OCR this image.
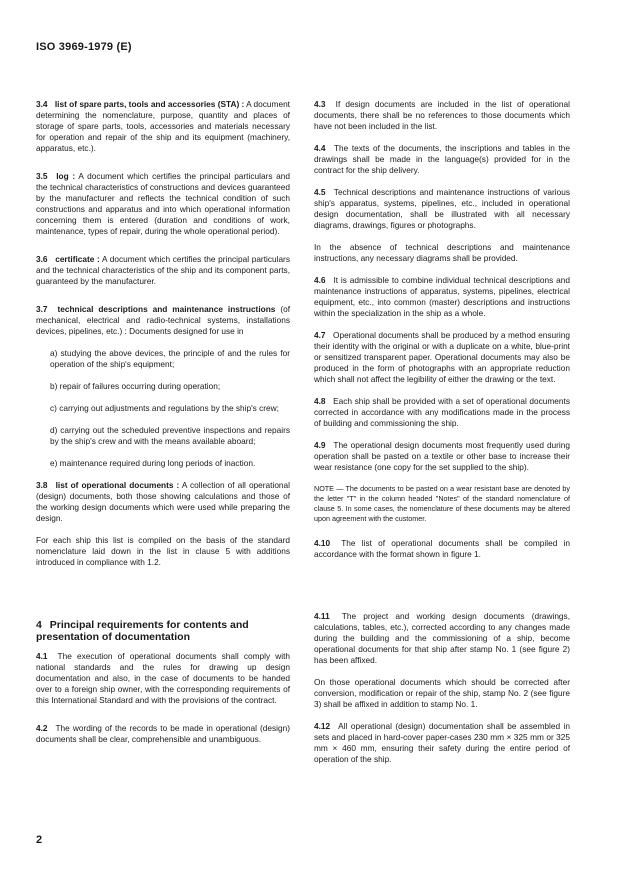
ISO 3969-1979 (E)

3.4 list of spare parts, tools and accessories (STA) : A document determining the nomenclature, purpose, quantity and places of storage of spare parts, tools, accessories and materials necessary for operation and repair of the ship and its equipment (machinery, apparatus, etc.).

3.5 log : A document which certifies the principal particulars and the technical characteristics of constructions and devices guaranteed by the manufacturer and reflects the technical condition of such constructions and apparatus and into which operational information concerning them is entered (duration and conditions of work, maintenance, types of repair, during the whole operational period).

3.6 certificate : A document which certifies the principal particulars and the technical characteristics of the ship and its component parts, guaranteed by the manufacturer.

3.7 technical descriptions and maintenance instructions (of mechanical, electrical and radio-technical systems, installations devices, pipelines, etc.) : Documents designed for use in

a) studying the above devices, the principle of and the rules for operation of the ship's equipment;
b) repair of failures occurring during operation;
c) carrying out adjustments and regulations by the ship's crew;
d) carrying out the scheduled preventive inspections and repairs by the ship's crew and with the means available aboard;
e) maintenance required during long periods of inaction.

3.8 list of operational documents : A collection of all operational (design) documents, both those showing calculations and those of the working design documents which were used while preparing the design.

For each ship this list is compiled on the basis of the standard nomenclature laid down in the list in clause 5 with additions introduced in compliance with 1.2.

4 Principal requirements for contents and presentation of documentation

4.1 The execution of operational documents shall comply with national standards and the rules for drawing up design documentation and also, in the case of documents to be handed over to a foreign ship owner, with the corresponding requirements of this International Standard and with the provisions of the contract.

4.2 The wording of the records to be made in operational (design) documents shall be clear, comprehensible and unambiguous.

4.3 If design documents are included in the list of operational documents, there shall be no references to those documents which have not been included in the list.

4.4 The texts of the documents, the inscriptions and tables in the drawings shall be made in the language(s) provided for in the contract for the ship delivery.

4.5 Technical descriptions and maintenance instructions of various ship's apparatus, systems, pipelines, etc., included in operational design documentation, shall be illustrated with all necessary diagrams, drawings, figures or photographs.

In the absence of technical descriptions and maintenance instructions, any necessary diagrams shall be provided.

4.6 It is admissible to combine individual technical descriptions and maintenance instructions of apparatus, systems, pipelines, electrical equipment, etc., into common (master) descriptions and instructions within the specialization in the ship as a whole.

4.7 Operational documents shall be produced by a method ensuring their identity with the original or with a duplicate on a white, blue-print or sensitized transparent paper. Operational documents may also be produced in the form of photographs with an appropriate reduction which shall not affect the legibility of either the drawing or the text.

4.8 Each ship shall be provided with a set of operational documents corrected in accordance with any modifications made in the process of building and commissioning the ship.

4.9 The operational design documents most frequently used during operation shall be pasted on a textile or other base to increase their wear resistance (one copy for the set supplied to the ship).

NOTE — The documents to be pasted on a wear resistant base are denoted by the letter "T" in the column headed "Notes" of the standard nomenclature of clause 5. In some cases, the nomenclature of these documents may be altered upon agreement with the customer.

4.10 The list of operational documents shall be compiled in accordance with the format shown in figure 1.

4.11 The project and working design documents (drawings, calculations, tables, etc.), corrected according to any changes made during the building and the commissioning of a ship, become operational documents for that ship after stamp No. 1 (see figure 2) has been affixed.

On those operational documents which should be corrected after conversion, modification or repair of the ship, stamp No. 2 (see figure 3) shall be affixed in addition to stamp No. 1.

4.12 All operational (design) documentation shall be assembled in sets and placed in hard-cover paper-cases 230 mm × 325 mm or 325 mm × 460 mm, ensuring their safety during the entire period of operation of the ship.

2
